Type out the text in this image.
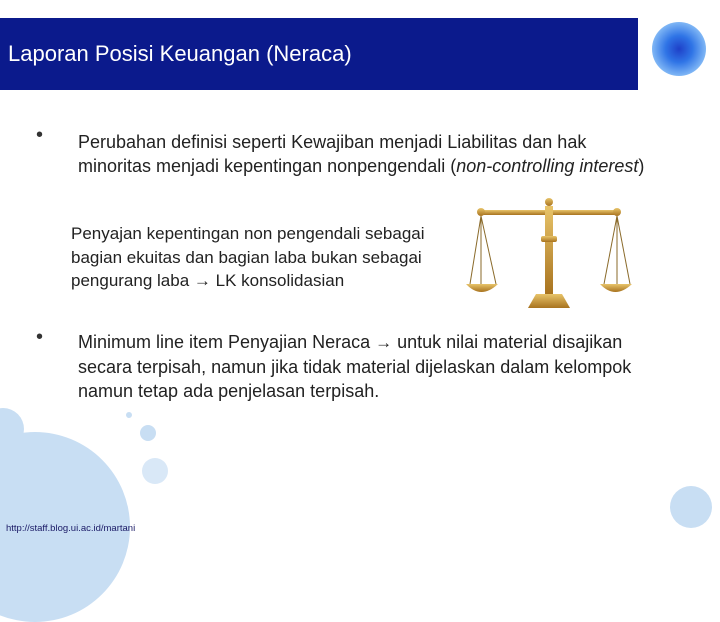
Laporan Posisi Keuangan (Neraca)
• Perubahan definisi seperti Kewajiban menjadi Liabilitas dan hak minoritas menjadi kepentingan nonpengendali (non-controlling interest)
Penyajan kepentingan non pengendali sebagai bagian ekuitas dan bagian laba bukan sebagai pengurang laba → LK konsolidasian
• Minimum line item Penyajian Neraca → untuk nilai material disajikan secara terpisah, namun jika tidak material dijelaskan dalam kelompok namun tetap ada penjelasan terpisah.
http://staff.blog.ui.ac.id/martani
